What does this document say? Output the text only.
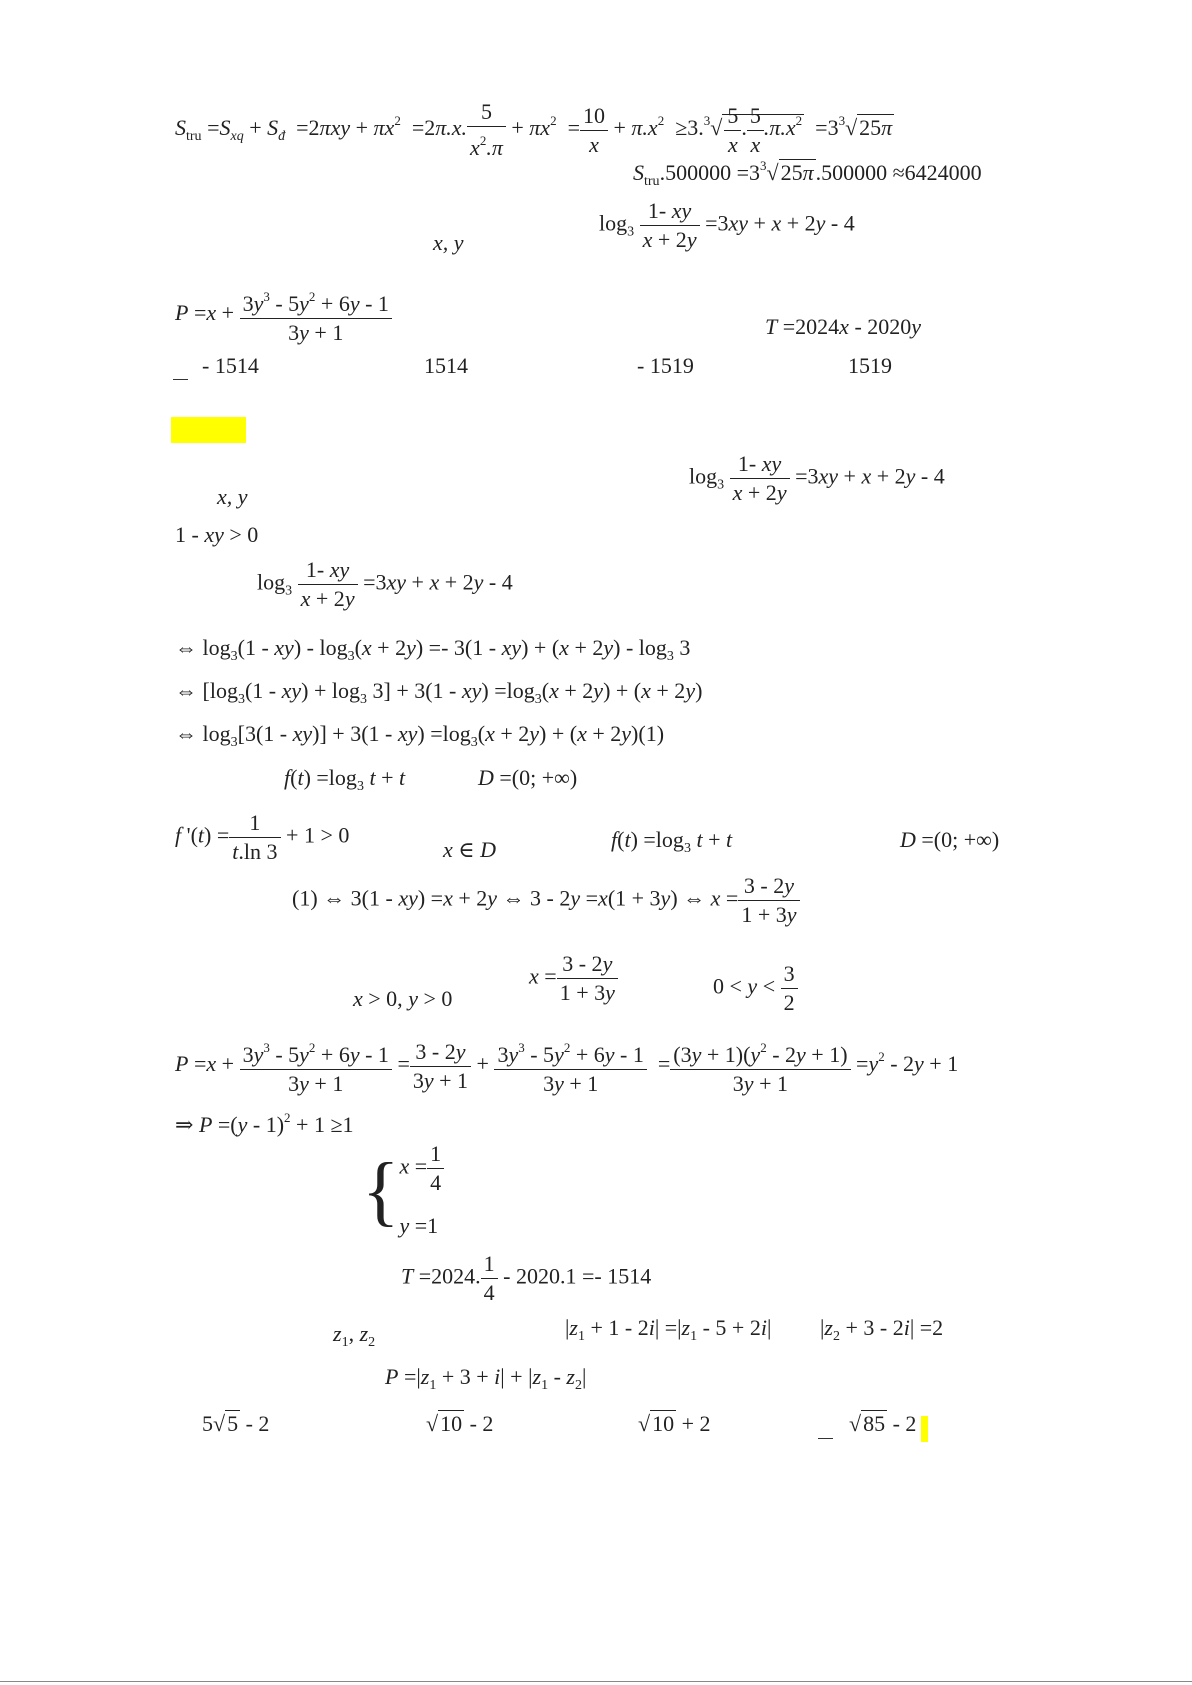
$S_{tru} =S_{xq} + S_đ =2\pi xy + \pi x^2 =2\pi.x$. $\frac{5}{x^2.\pi} + \pi x^2 = \frac{10}{x} + \pi.x^2 \ge 3.^3√ \frac{5}{x}$ . $\frac{5}{x} .\pi.x^2 =3^3√25\pi$
$S_{tru}.500000 =3^3√25\pi.500000 \approx 6424000$
x, y
$\log_3 \frac{1- xy}{x + 2y} =3xy + x + 2y - 4$
$P =x + \frac{3y^3 - 5y^2 + 6y - 1}{3y + 1}$	T =2024x - 2020y
- 1514	1514	- 1519	1519
$\log_3 \frac{1- xy}{x + 2y} =3xy + x + 2y - 4$
x, y
1 - xy > 0
$\log_3 \frac{1- xy}{x + 2y} =3xy + x + 2y - 4$
⇔ $\log_3(1 - xy) - \log_3(x + 2y) =- 3(1 - xy) + (x + 2y) - \log_3 3$
⇔ $[\log_3(1 - xy) + \log_3 3] + 3(1 - xy) =\log_3(x + 2y) + (x + 2y)$
⇔ $\log_3[3(1 - xy)] + 3(1 - xy) =\log_3(x + 2y) + (x + 2y)(1)$
$f(t) =\log_3$ t + t	D =(0; +∞)
f '$(t) = \frac{1}{t.\ln 3} + 1 > 0$
x ∈ D	$f(t) =\log_3$ t + t	D =(0; +∞)
(1) ⇔ 3(1 - xy) =x + 2y ⇔ 3 - 2y =x(1 + 3y) ⇔ $x = \frac{3 - 2y}{1 + 3y}$
x > 0, y > 0
$x = \frac{3 - 2y}{1 + 3y}$	$0 < y < \frac{3}{2}$
$P =x + \frac{3y^3 - 5y^2 + 6y - 1}{3y + 1} = \frac{3 - 2y}{3y + 1} + \frac{3y^3 - 5y^2 + 6y - 1}{3y + 1} = \frac{(3y + 1)(y^2 - 2y + 1)}{3y + 1} =y^2 - 2y + 1$
⇒ P =(y - 1)$^2$ + 1 ≥1
{ $x = \frac{1}{4}$
y =1
T =2024. $\frac{1}{4} - 2020.1 =- 1514$
$z_1$, $z_2$
$|z_1 + 1 - 2i| =|z_1 - 5 + 2i|$ $|z_2 + 3 - 2i| =2$
$P =|z_1 + 3 + i| + |z_1 - z_2|$
5√5 - 2	√10 - 2	√10 + 2	√85 - 2
